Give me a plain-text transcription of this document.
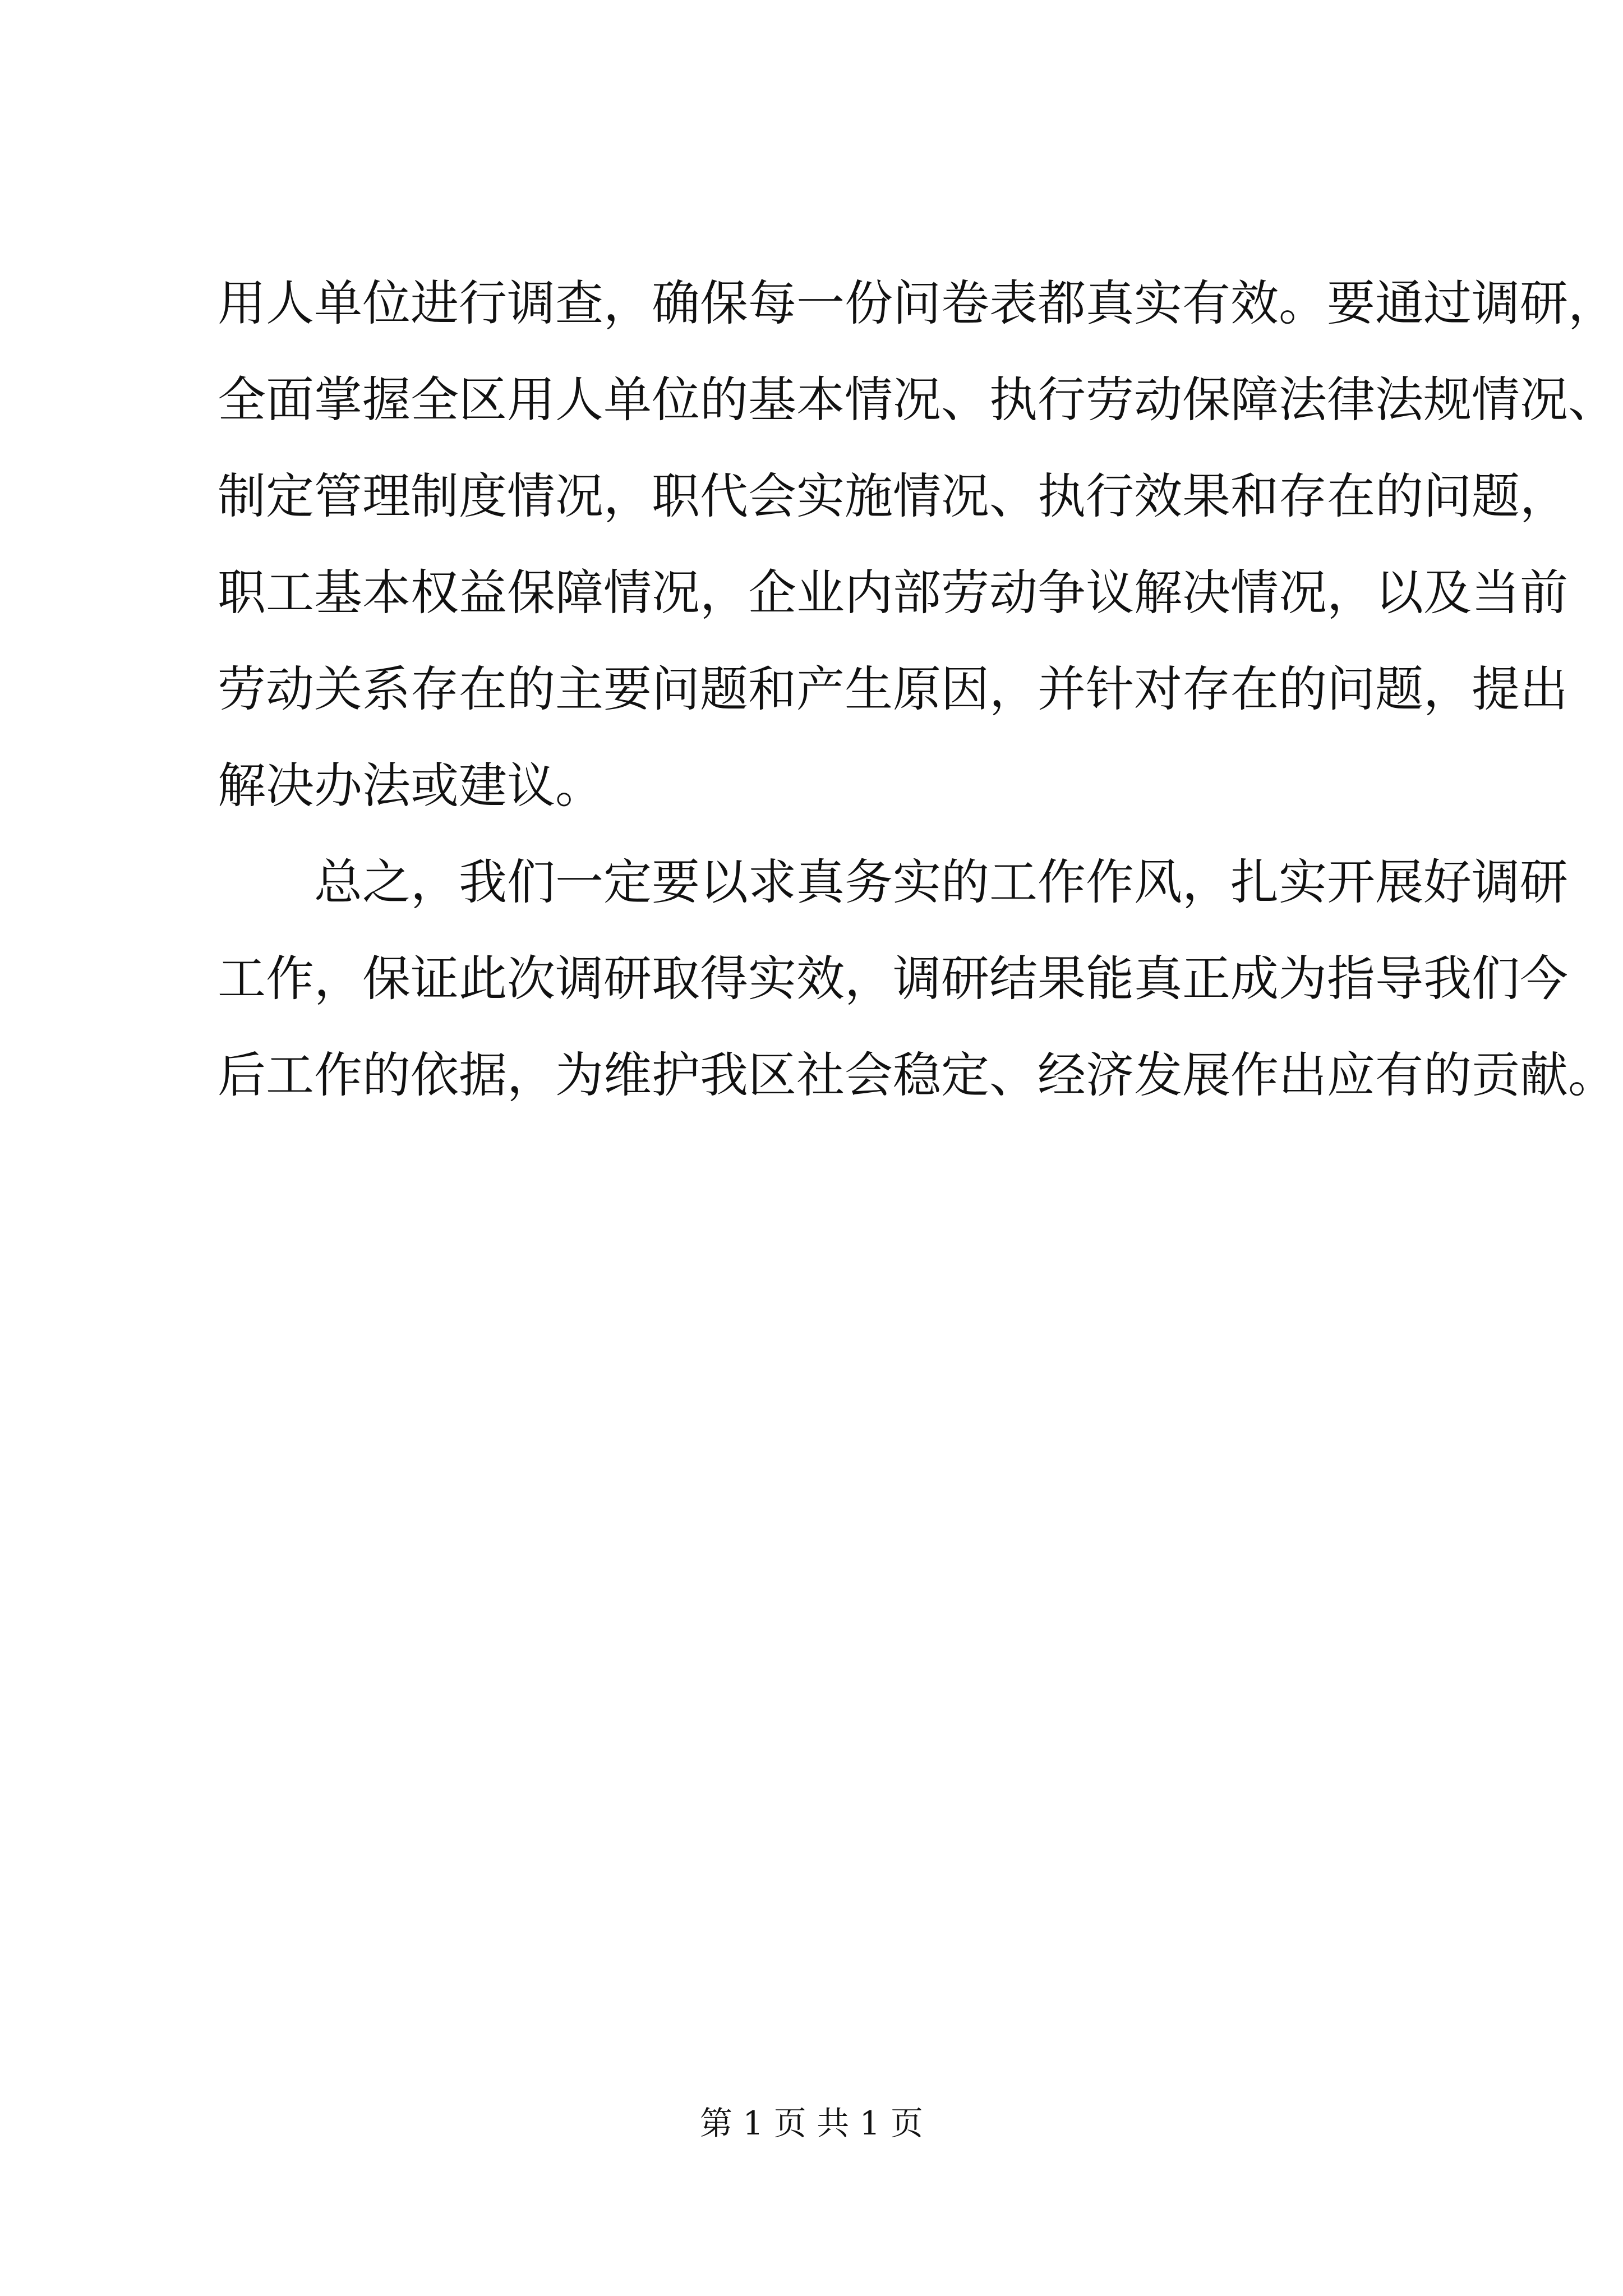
用人单位进行调查，确保每一份问卷表都真实有效。要通过调研，
全面掌握全区用人单位的基本情况、执行劳动保障法律法规情况、
制定管理制度情况，职代会实施情况、执行效果和存在的问题，
职工基本权益保障情况，企业内部劳动争议解决情况，以及当前
劳动关系存在的主要问题和产生原因，并针对存在的问题，提出
解决办法或建议。
总之，我们一定要以求真务实的工作作风，扎实开展好调研
工作，保证此次调研取得实效，调研结果能真正成为指导我们今
后工作的依据，为维护我区社会稳定、经济发展作出应有的贡献。
第 1 页 共 1 页
